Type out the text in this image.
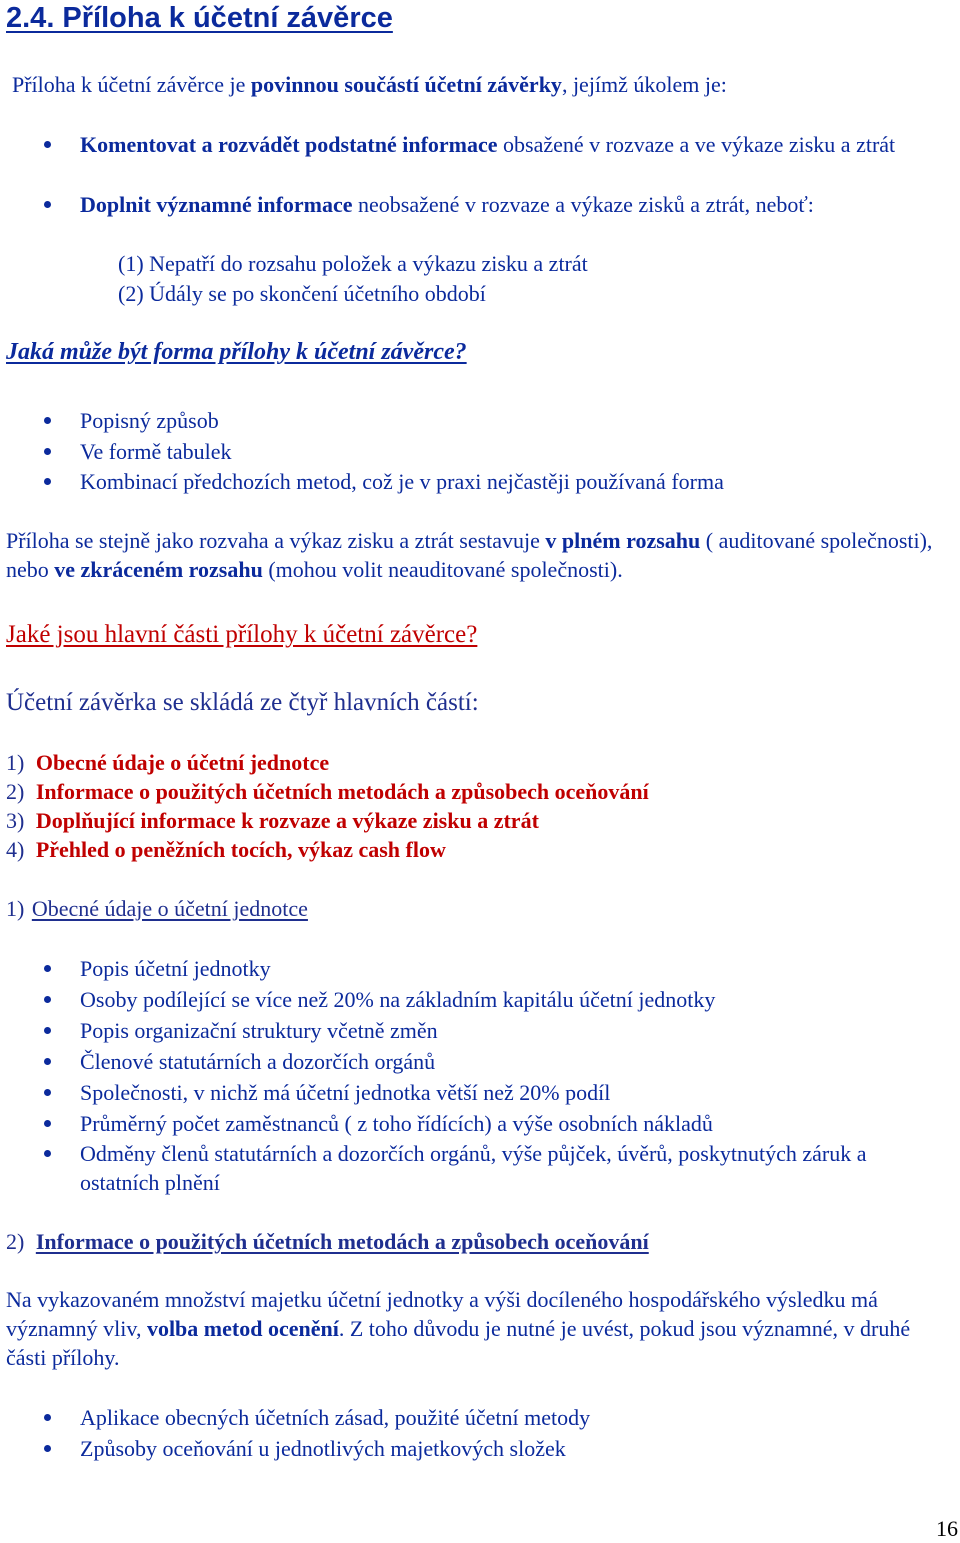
2.4. Příloha k účetní závěrce
Příloha k účetní závěrce je povinnou součástí účetní závěrky, jejímž úkolem je:
Komentovat a rozvádět podstatné informace obsažené v rozvaze a ve výkaze zisku a ztrát
Doplnit významné informace neobsažené v rozvaze a výkaze zisků a ztrát, neboť:
(1) Nepatří do rozsahu položek a výkazu zisku a ztrát
(2) Údály se po skončení účetního období
Jaká může být forma přílohy k účetní závěrce?
Popisný způsob
Ve formě tabulek
Kombinací předchozích metod, což je v praxi nejčastěji používaná forma
Příloha se stejně jako rozvaha a výkaz zisku a ztrát sestavuje v plném rozsahu ( auditované společnosti), nebo ve zkráceném rozsahu (mohou volit neauditované společnosti).
Jaké jsou hlavní části přílohy k účetní závěrce?
Účetní závěrka se skládá ze čtyř hlavních částí:
1) Obecné údaje o účetní jednotce
2) Informace o použitých účetních metodách a způsobech oceňování
3) Doplňující informace k rozvaze a výkaze zisku a ztrát
4) Přehled o peněžních tocích, výkaz cash flow
1) Obecné údaje o účetní jednotce
Popis účetní jednotky
Osoby podílející se více než 20% na základním kapitálu účetní jednotky
Popis organizační struktury včetně změn
Členové statutárních a dozorčích orgánů
Společnosti, v nichž má účetní jednotka větší než 20% podíl
Průměrný počet zaměstnanců ( z toho řídících) a výše osobních nákladů
Odměny členů statutárních a dozorčích orgánů, výše půjček, úvěrů, poskytnutých záruk a ostatních plnění
2) Informace o použitých účetních metodách a způsobech oceňování
Na vykazovaném množství majetku účetní jednotky a výši docíleného hospodářského výsledku má významný vliv, volba metod ocenění. Z toho důvodu je nutné je uvést, pokud jsou významné, v druhé části přílohy.
Aplikace obecných účetních zásad, použité účetní metody
Způsoby oceňování u jednotlivých majetkových složek
16
